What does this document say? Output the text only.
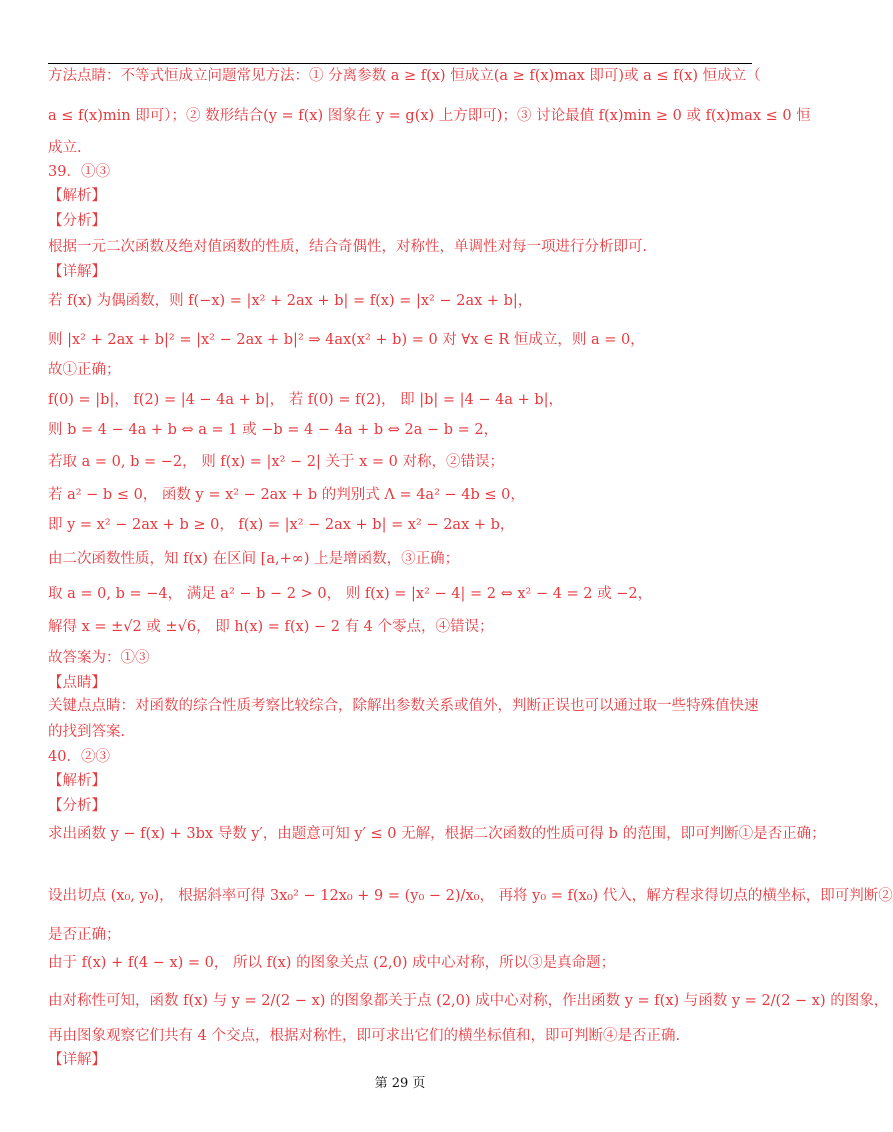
方法点睛：不等式恒成立问题常见方法：① 分离参数 a ≥ f(x) 恒成立(a ≥ f(x)max 即可)或 a ≤ f(x) 恒成立（
a ≤ f(x)min 即可）；② 数形结合(y = f(x) 图象在 y = g(x) 上方即可)；③ 讨论最值 f(x)min ≥ 0 或 f(x)max ≤ 0 恒
成立.
39．①③
【解析】
【分析】
根据一元二次函数及绝对值函数的性质，结合奇偶性，对称性，单调性对每一项进行分析即可.
【详解】
若 f(x) 为偶函数，则 f(−x) = |x² + 2ax + b| = f(x) = |x² − 2ax + b|，
则 |x² + 2ax + b|² = |x² − 2ax + b|² ⇒ 4ax(x² + b) = 0 对 ∀x ∈ R 恒成立，则 a = 0，
故①正确；
f(0) = |b|， f(2) = |4 − 4a + b|， 若 f(0) = f(2)， 即 |b| = |4 − 4a + b|，
则 b = 4 − 4a + b ⇔ a = 1 或 −b = 4 − 4a + b ⇔ 2a − b = 2，
若取 a = 0, b = −2， 则 f(x) = |x² − 2| 关于 x = 0 对称，②错误；
若 a² − b ≤ 0， 函数 y = x² − 2ax + b 的判别式 Λ = 4a² − 4b ≤ 0，
即 y = x² − 2ax + b ≥ 0， f(x) = |x² − 2ax + b| = x² − 2ax + b，
由二次函数性质，知 f(x) 在区间 [a,+∞) 上是增函数，③正确；
取 a = 0, b = −4， 满足 a² − b − 2 > 0， 则 f(x) = |x² − 4| = 2 ⇔ x² − 4 = 2 或 −2，
解得 x = ±√2 或 ±√6， 即 h(x) = f(x) − 2 有 4 个零点，④错误；
故答案为：①③
【点睛】
关键点点睛：对函数的综合性质考察比较综合，除解出参数关系或值外，判断正误也可以通过取一些特殊值快速
的找到答案.
40．②③
【解析】
【分析】
求出函数 y − f(x) + 3bx 导数 y′，由题意可知 y′ ≤ 0 无解，根据二次函数的性质可得 b 的范围，即可判断①是否正确；
设出切点 (x₀, y₀)， 根据斜率可得 3x₀² − 12x₀ + 9 = (y₀ − 2)/x₀， 再将 y₀ = f(x₀) 代入，解方程求得切点的横坐标，即可判断②
是否正确；
由于 f(x) + f(4 − x) = 0， 所以 f(x) 的图象关点 (2,0) 成中心对称，所以③是真命题；
由对称性可知，函数 f(x) 与 y = 2/(2 − x) 的图象都关于点 (2,0) 成中心对称，作出函数 y = f(x) 与函数 y = 2/(2 − x) 的图象，
再由图象观察它们共有 4 个交点，根据对称性，即可求出它们的横坐标值和，即可判断④是否正确.
【详解】
第 29 页
